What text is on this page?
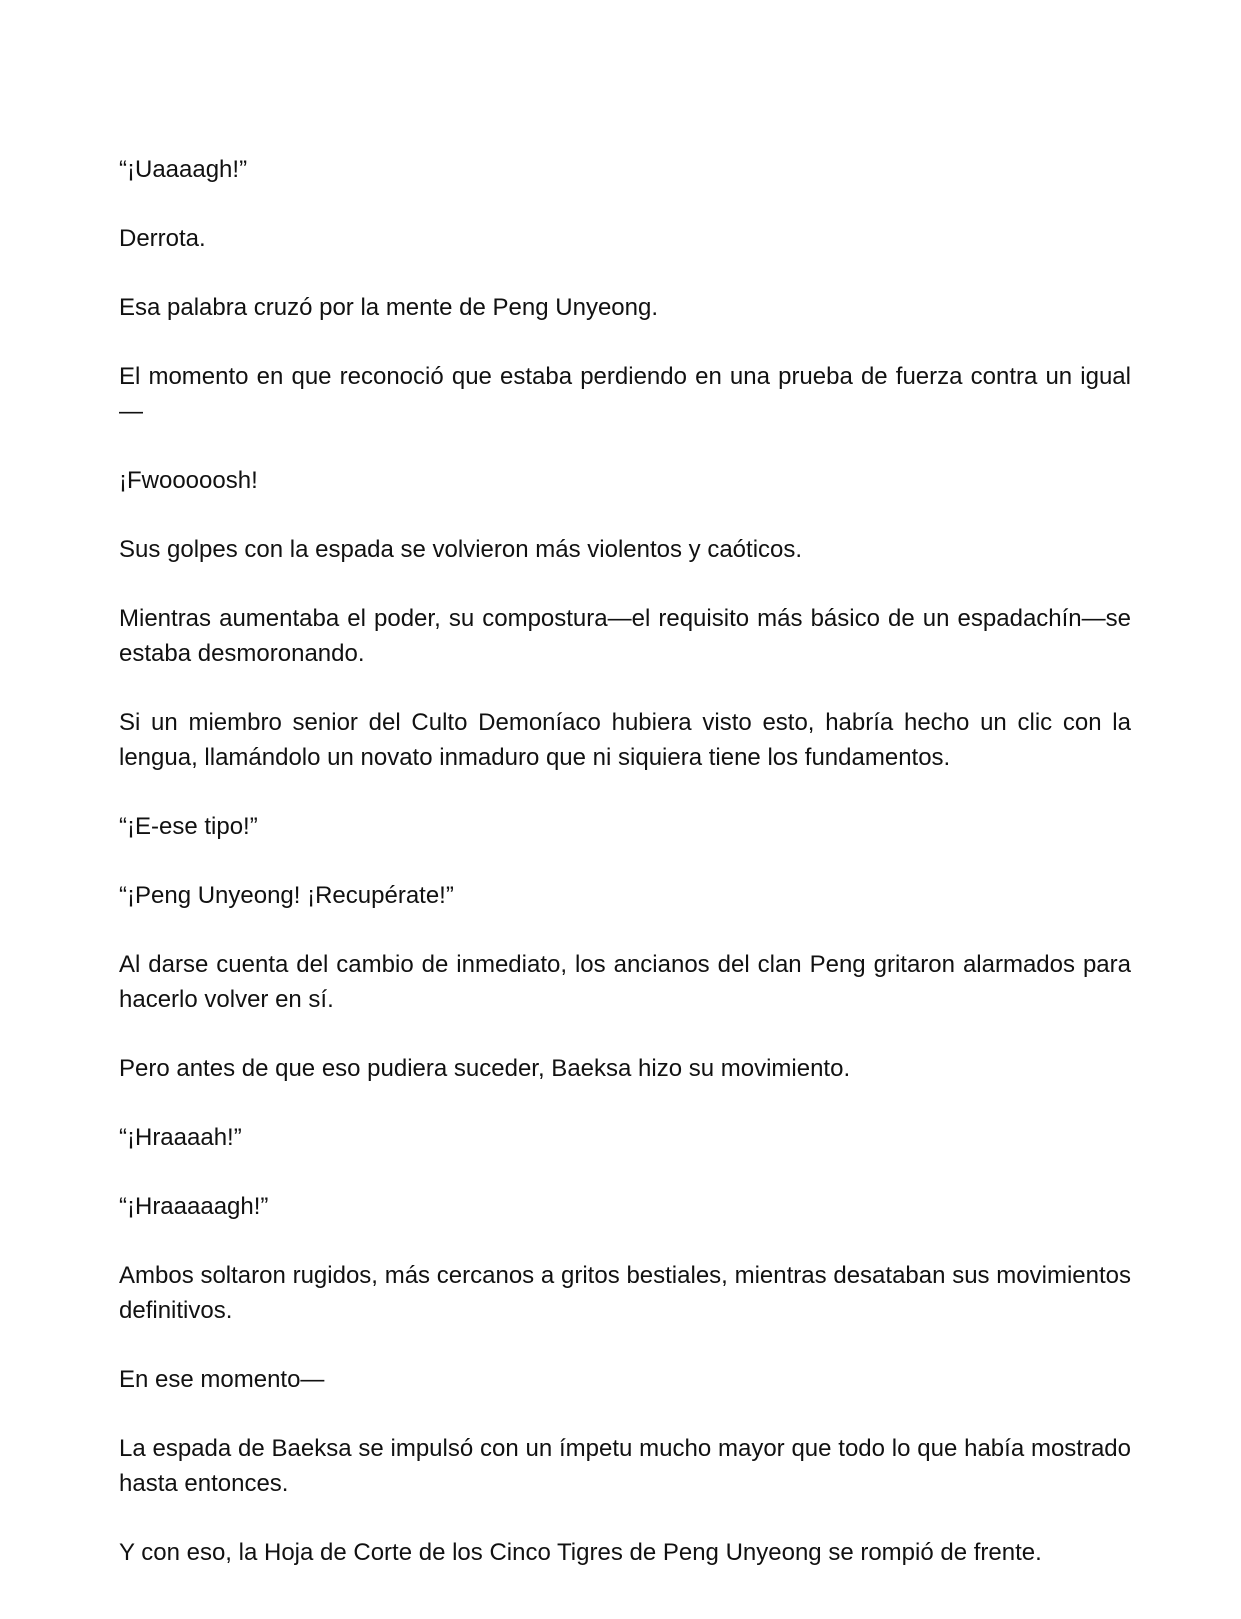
“¡Uaaaagh!”

Derrota.

Esa palabra cruzó por la mente de Peng Unyeong.

El momento en que reconoció que estaba perdiendo en una prueba de fuerza contra un igual—

¡Fwooooosh!

Sus golpes con la espada se volvieron más violentos y caóticos.

Mientras aumentaba el poder, su compostura—el requisito más básico de un espadachín—se estaba desmoronando.

Si un miembro senior del Culto Demoníaco hubiera visto esto, habría hecho un clic con la lengua, llamándolo un novato inmaduro que ni siquiera tiene los fundamentos.

“¡E-ese tipo!”

“¡Peng Unyeong! ¡Recupérate!”

Al darse cuenta del cambio de inmediato, los ancianos del clan Peng gritaron alarmados para hacerlo volver en sí.

Pero antes de que eso pudiera suceder, Baeksa hizo su movimiento.

“¡Hraaaah!”

“¡Hraaaaagh!”

Ambos soltaron rugidos, más cercanos a gritos bestiales, mientras desataban sus movimientos definitivos.

En ese momento—

La espada de Baeksa se impulsó con un ímpetu mucho mayor que todo lo que había mostrado hasta entonces.

Y con eso, la Hoja de Corte de los Cinco Tigres de Peng Unyeong se rompió de frente.
